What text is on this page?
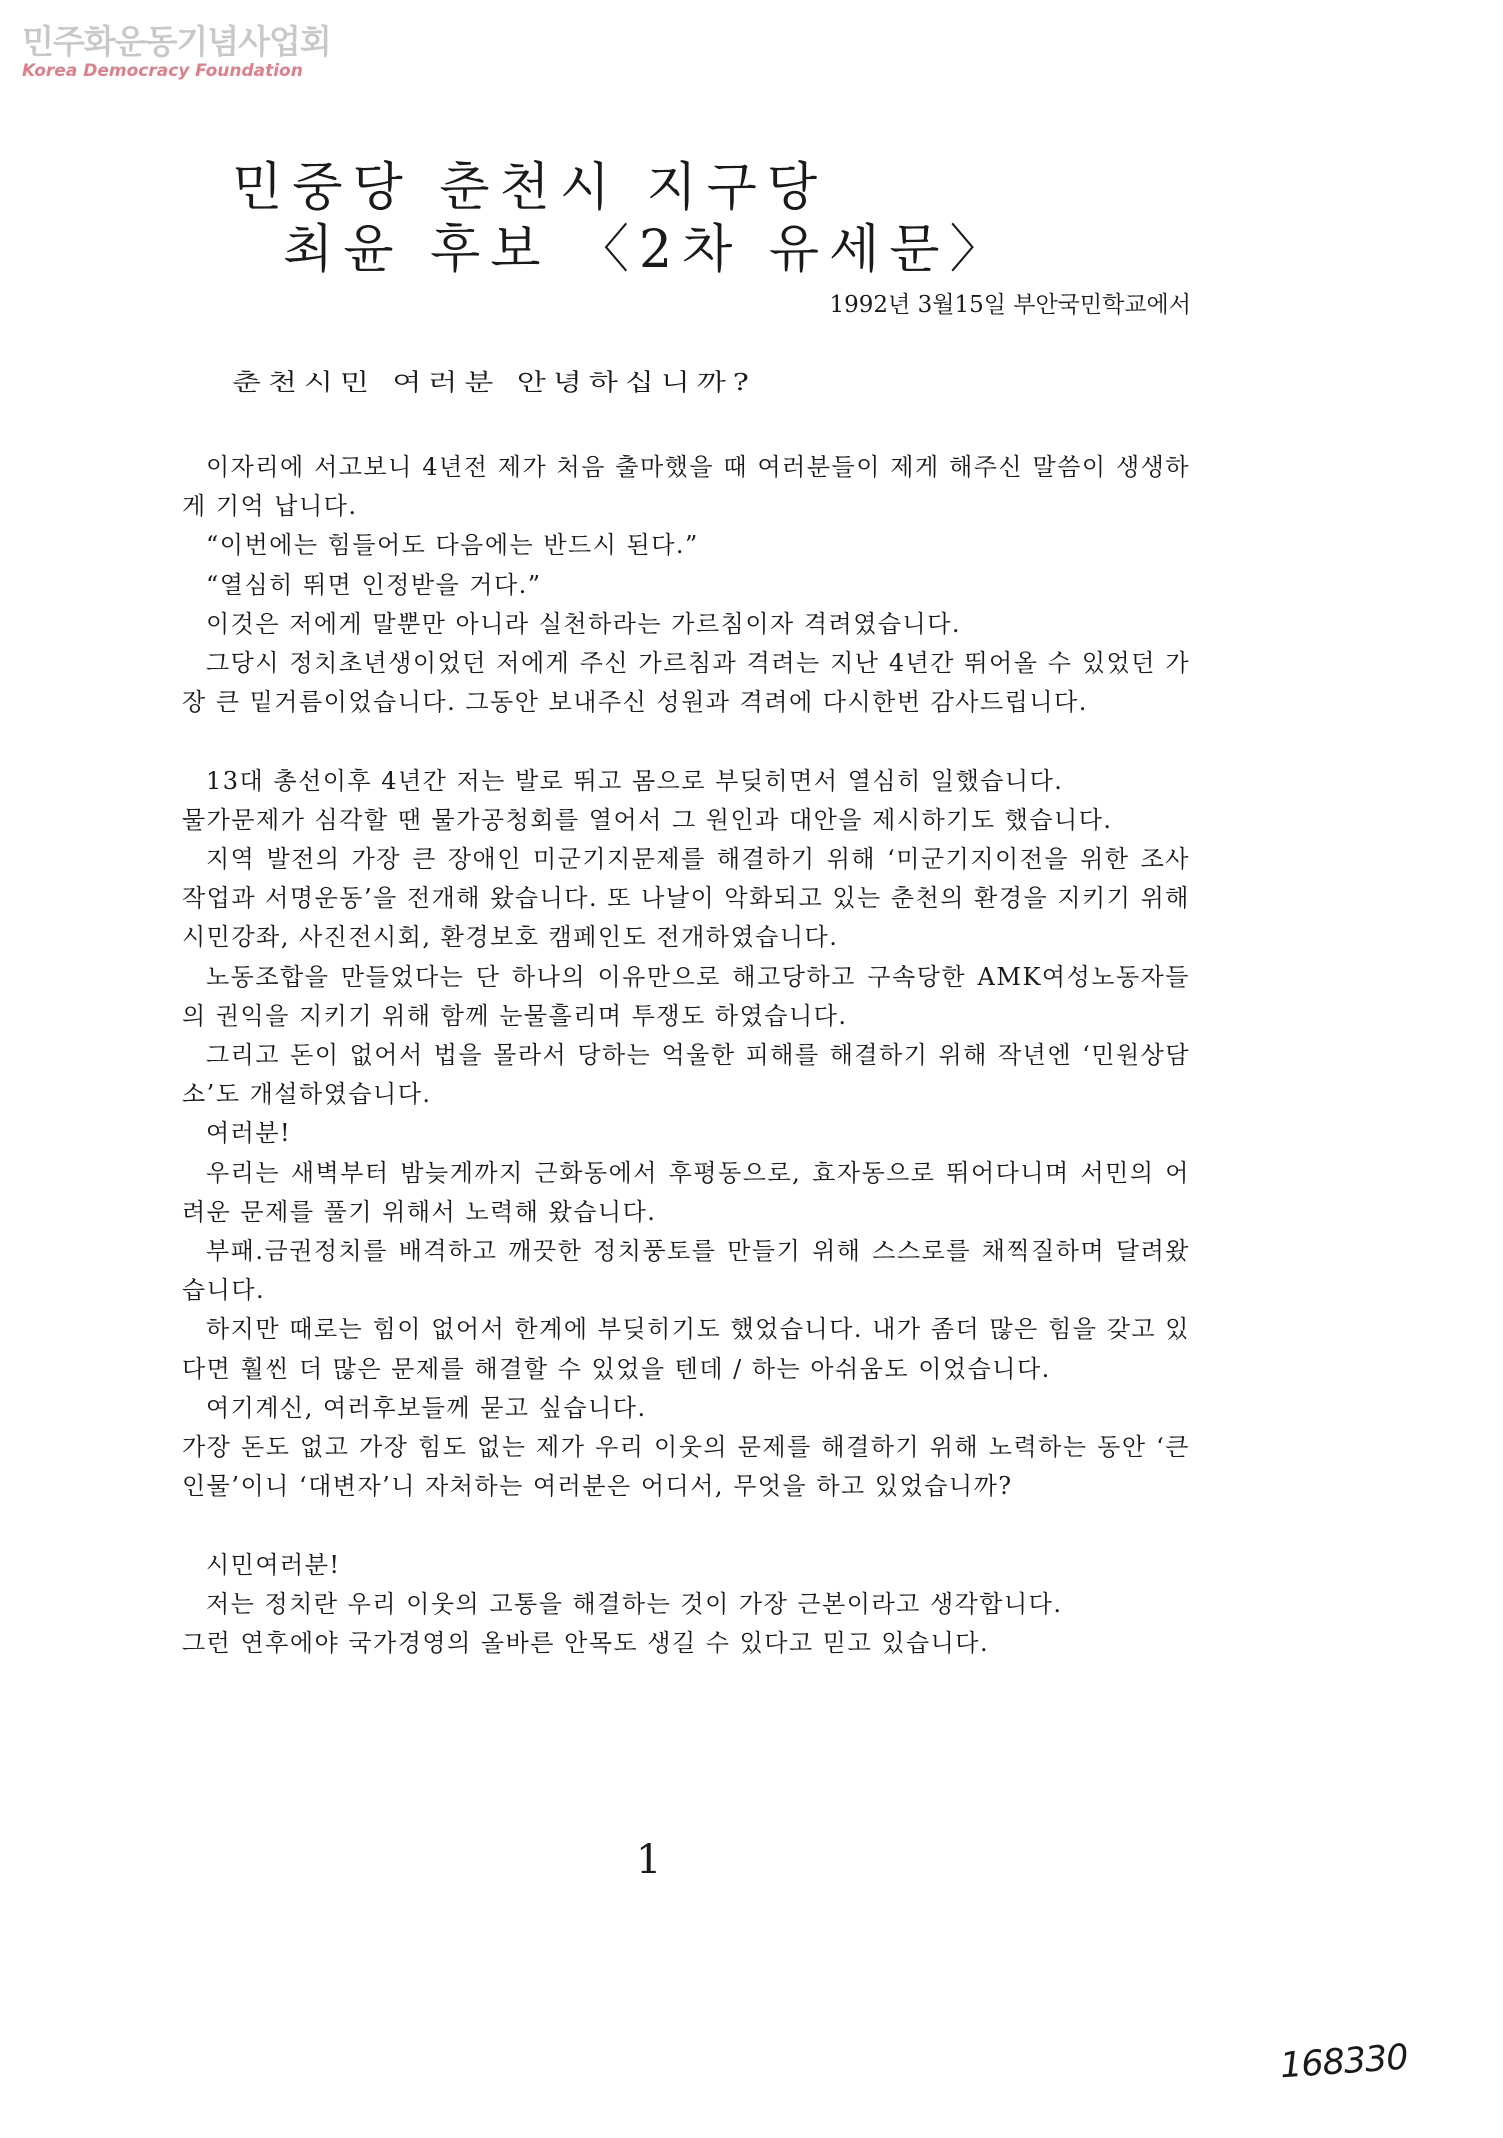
민주화운동기념사업회
Korea Democracy Foundation
민중당 춘천시 지구당
최윤 후보 〈2차 유세문〉
1992년 3월15일 부안국민학교에서
춘천시민 여러분 안녕하십니까?

이자리에 서고보니 4년전 제가 처음 출마했을 때 여러분들이 제게 해주신 말씀이 생생하게 기억 납니다.

“이번에는 힘들어도 다음에는 반드시 된다.”

“열심히 뛰면 인정받을 거다.”

이것은 저에게 말뿐만 아니라 실천하라는 가르침이자 격려였습니다.

그당시 정치초년생이었던 저에게 주신 가르침과 격려는 지난 4년간 뛰어올 수 있었던 가장 큰 밑거름이었습니다. 그동안 보내주신 성원과 격려에 다시한번 감사드립니다.

13대 총선이후 4년간 저는 발로 뛰고 몸으로 부딪히면서 열심히 일했습니다.

물가문제가 심각할 땐 물가공청회를 열어서 그 원인과 대안을 제시하기도 했습니다.

지역 발전의 가장 큰 장애인 미군기지문제를 해결하기 위해 ‘미군기지이전을 위한 조사작업과 서명운동’을 전개해 왔습니다. 또 나날이 악화되고 있는 춘천의 환경을 지키기 위해 시민강좌, 사진전시회, 환경보호 캠페인도 전개하였습니다.

노동조합을 만들었다는 단 하나의 이유만으로 해고당하고 구속당한 AMK여성노동자들의 권익을 지키기 위해 함께 눈물흘리며 투쟁도 하였습니다.

그리고 돈이 없어서 법을 몰라서 당하는 억울한 피해를 해결하기 위해 작년엔 ‘민원상담소’도 개설하였습니다.

여러분!

우리는 새벽부터 밤늦게까지 근화동에서 후평동으로, 효자동으로 뛰어다니며 서민의 어려운 문제를 풀기 위해서 노력해 왔습니다.

부패.금권정치를 배격하고 깨끗한 정치풍토를 만들기 위해 스스로를 채찍질하며 달려왔습니다.

하지만 때로는 힘이 없어서 한계에 부딪히기도 했었습니다. 내가 좀더 많은 힘을 갖고 있다면 훨씬 더 많은 문제를 해결할 수 있었을 텐데 / 하는 아쉬움도 이었습니다.

여기계신, 여러후보들께 묻고 싶습니다.

가장 돈도 없고 가장 힘도 없는 제가 우리 이웃의 문제를 해결하기 위해 노력하는 동안 ‘큰 인물’이니 ‘대변자’니 자처하는 여러분은 어디서, 무엇을 하고 있었습니까?

시민여러분!

저는 정치란 우리 이웃의 고통을 해결하는 것이 가장 근본이라고 생각합니다.

그런 연후에야 국가경영의 올바른 안목도 생길 수 있다고 믿고 있습니다.

1
168330
